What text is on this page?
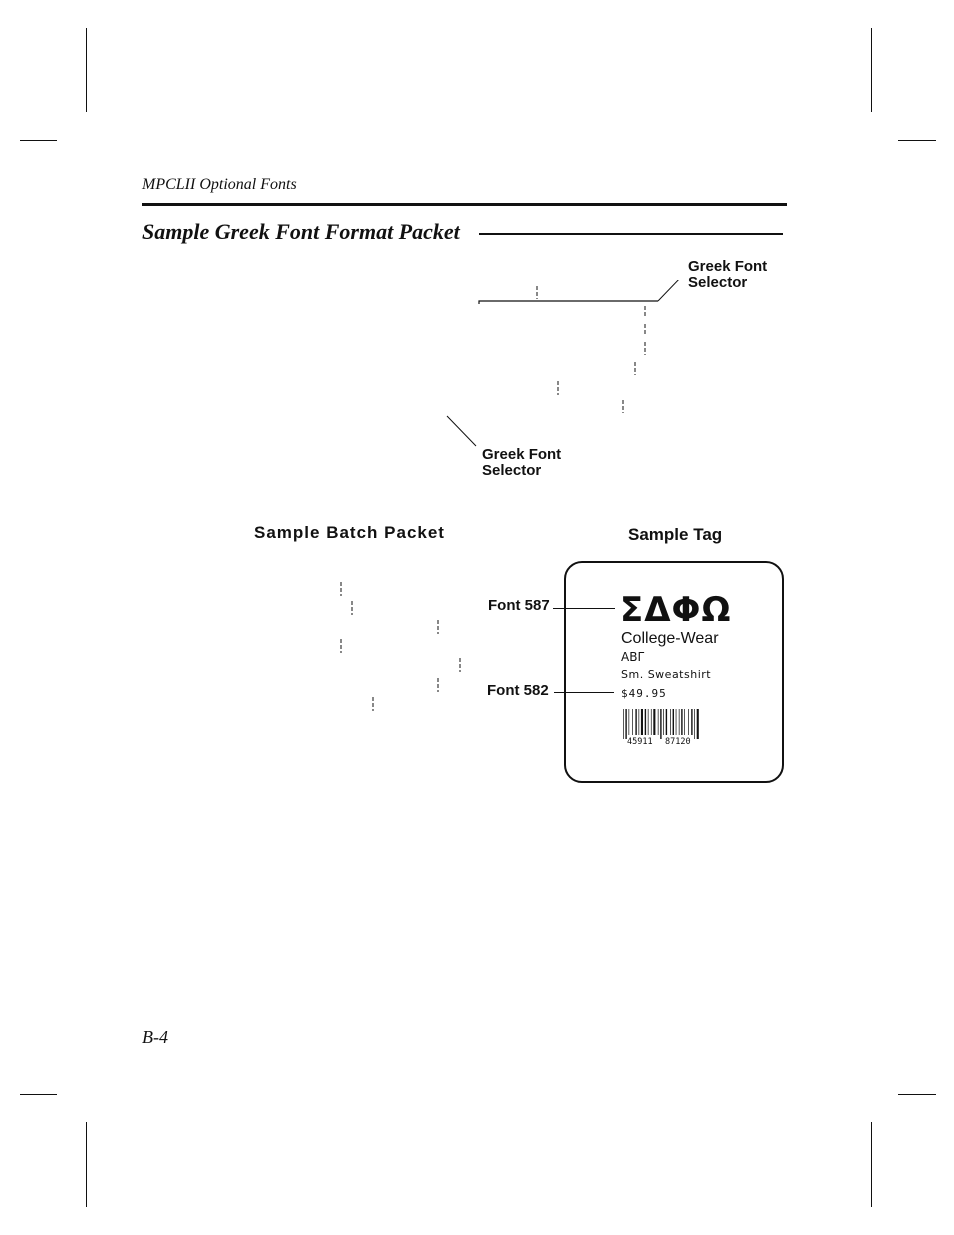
MPCLII Optional Fonts
Sample Greek Font Format Packet
Greek Font
Selector
Greek Font
Selector
Sample Batch Packet	Sample Tag
ΣΔΦΩ
College-Wear
ΑΒΓ
Sm. Sweatshirt
$49.95
45911 87120
Font 587
Font 582
B-4
